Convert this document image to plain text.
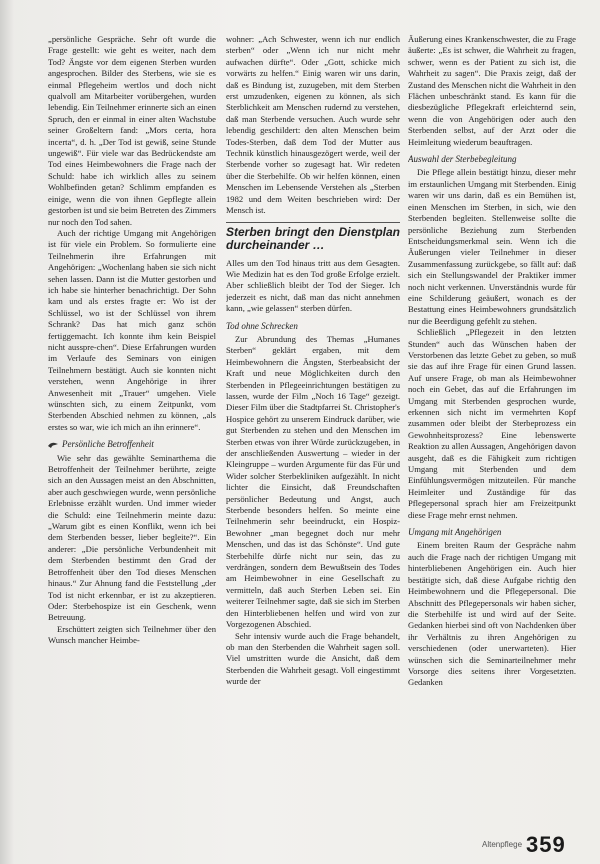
„persönliche Gespräche. Sehr oft wurde die Frage gestellt: wie geht es weiter, nach dem Tod? Ängste vor dem eigenen Sterben wurden angesprochen. Bilder des Sterbens, wie sie es einmal Pflegeheim wertlos und doch nicht qualvoll am Mitarbeiter vorübergehen, wurden lebendig. Ein Teilnehmer erinnerte sich an einen Spruch, den er einmal in einer alten Wachstube seiner Großeltern fand: „Mors certa, hora incerta“, d. h. „Der Tod ist gewiß, seine Stunde ungewiß“. Für viele war das Bedrückendste am Tod eines Heimbewohners die Frage nach der Schuld: habe ich wirklich alles zu seinem Wohlbefinden getan? Schlimm empfanden es einige, wenn die von ihnen Gepflegte allein gestorben ist und sie beim Betreten des Zimmers nur noch den Tod sahen.

Auch der richtige Umgang mit Angehörigen ist für viele ein Problem. So formulierte eine Teilnehmerin ihre Erfahrungen mit Angehörigen: „Wochenlang haben sie sich nicht sehen lassen. Dann ist die Mutter gestorben und ich habe sie hinterher benachrichtigt. Der Sohn kam und als erstes fragte er: Wo ist der Schlüssel, wo ist der Schlüssel von ihrem Schrank? Das hat mich ganz schön fertiggemacht. Ich konnte ihm kein Beispiel nicht ausspre-chen“. Diese Erfahrungen wurden im Verlaufe des Seminars von einigen Teilnehmern bestätigt. Auch sie konnten nicht verstehen, wenn Angehörige in ihrer Anwesenheit mit „Trauer“ umgehen. Viele wünschten sich, zu einem Zeitpunkt, vom Sterbenden Abschied nehmen zu können, „als erstes so war, wie ich mich an ihn erinnere“.

Persönliche Betroffenheit

Wie sehr das gewählte Seminarthema die Betroffenheit der Teilnehmer berührte, zeigte sich an den Aussagen meist an den Abschnitten, aber auch geschwiegen wurde, wenn persönliche Erlebnisse erzählt wurden. Und immer wieder die Schuld: eine Teilnehmerin meinte dazu: „Warum gibt es einen Konflikt, wenn ich bei dem Sterbenden besser, lieber begleite?“. Ein anderer: „Die persönliche Verbundenheit mit dem Sterbenden bestimmt den Grad der Betroffenheit über den Tod dieses Menschen hinaus.“ Zur Ahnung fand die Feststellung „der Tod ist nicht erkennbar, er ist zu akzeptieren. Oder: Sterbehospize ist ein Geschenk, wenn Betreuung.

Erschüttert zeigten sich Teilnehmer über den Wunsch mancher Heimbe-

wohner: „Ach Schwester, wenn ich nur endlich sterben“ oder „Wenn ich nur nicht mehr aufwachen dürfte“. Oder „Gott, schicke mich vorwärts zu helfen.“ Einig waren wir uns darin, daß es Bindung ist, zuzugeben, mit dem Sterben erst umzudenken, eigenen zu können, als sich Sterblichkeit am Menschen rudernd zu verstehen, daß man Sterbende versuchen. Auch wurde sehr lebendig geschildert: den alten Menschen beim Todes-Sterben, daß dem Tod der Mutter aus Technik künstlich hinausgezögert werde, weil der Sterbende vorher so zugesagt hat. Wir redeten über die Sterbehilfe. Ob wir helfen können, einen Menschen im Lebensende Verstehen als „Sterben 1982 und dem Weiten beschrieben wird: Der Mensch ist.

Sterben bringt den Dienstplan durcheinander …

Alles um den Tod hinaus tritt aus dem Gesagten. Wie Medizin hat es den Tod große Erfolge erzielt. Aber schließlich bleibt der Tod der Sieger. Ich jederzeit es nicht, daß man das nicht annehmen kann, „wie gelassen“ sterben dürfen.

Tod ohne Schrecken

Zur Abrundung des Themas „Humanes Sterben“ geklärt ergaben, mit dem Heimbewohnern die Ängsten, Sterbeabsicht der Kraft und neue Möglichkeiten durch den Sterbenden in Pflegeeinrichtungen bestätigen zu lassen, wurde der Film „Noch 16 Tage“ gezeigt. Dieser Film über die Stadtpfarrei St. Christopher's Hospice gehört zu unserem Eindruck darüber, wie gut Sterbenden zu stehen und den Menschen im Sterben etwas von ihrer Würde zurückzugeben, in der anschließenden Auswertung – wieder in der Kleingruppe – wurden Argumente für das Für und Wider solcher Sterbekliniken aufgezählt. In nicht lichter die Einsicht, daß Freundschaften persönlicher Bedeutung und Angst, auch Sterbende besonders helfen. So meinte eine Teilnehmerin sehr beeindruckt, ein Hospiz-Bewohner „man begegnet doch nur mehr Menschen, und das ist das Schönste“. Und gute Sterbehilfe dürfe nicht nur sein, das zu verdrängen, sondern dem Bewußtsein des Todes am Heimbewohner in eine Gesellschaft zu vermitteln, daß auch Sterben Leben sei. Ein weiterer Teilnehmer sagte, daß sie sich im Sterben den Hinterbliebenen helfen und wird von zur Vorgezogenen Abschied.

Sehr intensiv wurde auch die Frage behandelt, ob man den Sterbenden die Wahrheit sagen soll. Viel umstritten wurde die Ansicht, daß dem Sterbenden die Wahrheit gesagt. Voll eingestimmt wurde der

Äußerung eines Krankenschwester, die zu Frage äußerte: „Es ist schwer, die Wahrheit zu fragen, schwer, wenn es der Patient zu sich ist, die Wahrheit zu sagen“. Die Praxis zeigt, daß der Zustand des Menschen nicht die Wahrheit in den Flächen unbeschränkt stand. Es kann für die diesbezügliche Pflegekraft erleichternd sein, wenn die von Angehörigen oder auch den Sterbenden selbst, auf der Arzt oder die Heimleitung wiederum beauftragen.

Auswahl der Sterbebegleitung

Die Pflege allein bestätigt hinzu, dieser mehr im erstaunlichen Umgang mit Sterbenden. Einig waren wir uns darin, daß es ein Bemühen ist, einen Menschen im Sterben, in sich, wie den Sterbenden begleiten. Stellenweise sollte die persönliche Beziehung zum Sterbenden Entscheidungsmerkmal sein. Wenn ich die Äußerungen vieler Teilnehmer in dieser Zusammenfassung zurückgebe, so fällt auf: daß sich ein Stellungswandel der Praktiker immer noch nicht verkennen. Unverständnis wurde für eine Schilderung geäußert, wonach es der Bestattung eines Heimbewohners grundsätzlich nur die Beerdigung gefehlt zu stehen.

Schließlich „Pflegezeit in den letzten Stunden“ auch das Wünschen haben der Verstorbenen das letzte Gebet zu geben, so muß sie das auf ihre Frage für einen Grund lassen. Auf unsere Frage, ob man als Heimbewohner noch ein Gebet, das auf die Erfahrungen im Umgang mit Sterbenden gesprochen wurde, erkennen sich nicht im vermehrten Kopf zusammen oder bleibt der Sterbeprozess ein Gewohnheitsprozess? Eine lebenswerte Reaktion zu allen Aussagen, Angehörigen davon ausgeht, daß es die Fähigkeit zum richtigen Umgang mit Sterbenden und dem Einfühlungsvermögen mitzuteilen. Für manche Heimleiter und Zuständige für das Pflegepersonal sprach hier am Freizeitpunkt diese Frage mehr ernst nehmen.

Umgang mit Angehörigen

Einem breiten Raum der Gespräche nahm auch die Frage nach der richtigen Umgang mit hinterbliebenen Angehörigen ein. Auch hier bestätigte sich, daß diese Aufgabe richtig den Heimbewohnern und die Pflegepersonal. Die Abschnitt des Pflegepersonals wir haben sicher, die Sterbehilfe ist und wird auf der Seite. Gedanken hierbei sind oft von Nachdenken über ihr Verhältnis zu ihren Angehörigen zu verschiedenen (oder unerwarteten). Hier wünschen sich die Seminarteilnehmer mehr Vorsorge dies seitens ihrer Vorgesetzten. Gedanken

Altenpflege 359
